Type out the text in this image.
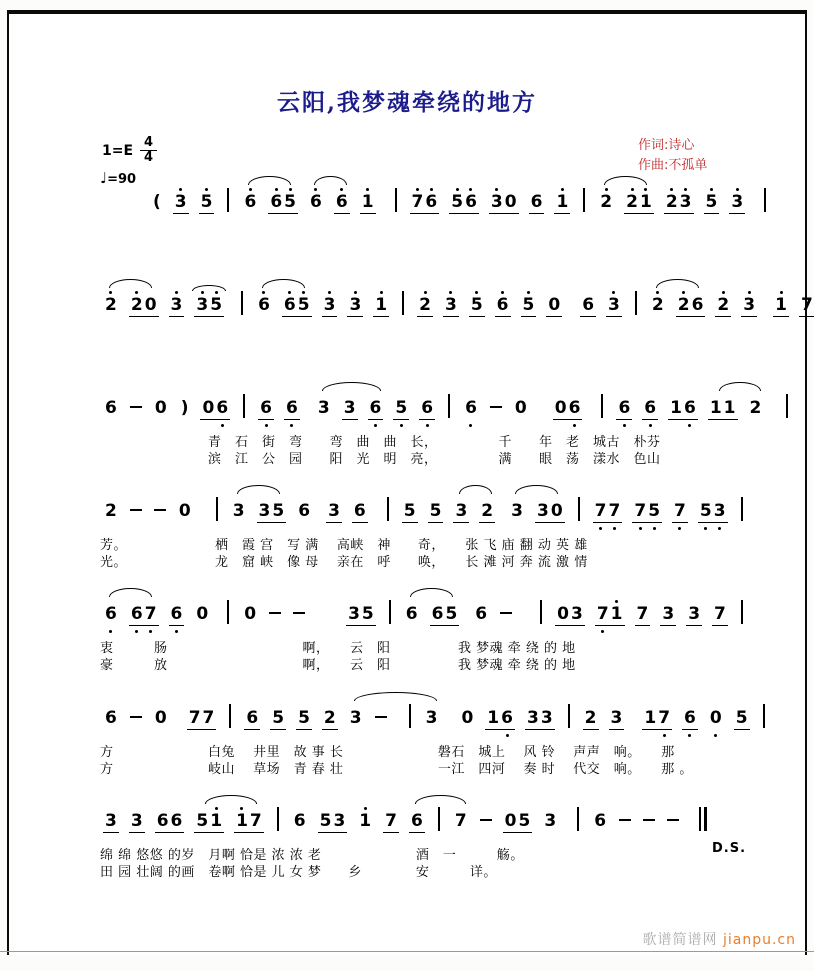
云阳,我梦魂牵绕的地方
$1=E \frac{4}{4}$
♩=90
作词:诗心
作曲:不孤单
( 3 5 6 6 5 6 6 1 7 6 5 6 3 0 6 1 2 2 1 2 3 5 3
2 2 0 3 3 5 6 6 5 3 3 1 2 3 5 6 5 0 6 3 2 2 6 2 3 1 7
6 0 ) 0 6 6 6 3 3 6 5 6 6 0 0 6 6 6 1 6 1 1 2
　　　　　　　　青　石　街　弯　　弯　曲　曲　长，　　　　　千　　年　老　城古　朴芬
　　　　　　　　滨　江　公　园　　阳　光　明　亮，　　　　　满　　眼　荡　漾水　色山
2	0 3 3 5 6 3 6 5 5 3 2 3 3 0 7 7 7 5 7 5 3
芳。　　　　　　　栖　霞 宫　写 满　 高峡　神　　奇，　　张 飞 庙 翻 动 英 雄
光。　　　　　　　龙　窟 峡　像 母　 亲在　呼　　唤，　　长 滩 河 奔 流 激 情
6 6 7 6 0 0	3 5 6 6 5 6	0 3 7 1 7 3 3 7
衷　　　肠　　　　　　　　　　啊，　　云　阳　　　　　我 梦魂 牵 绕 的 地
豪　　　放　　　　　　　　　　啊，　　云　阳　　　　　我 梦魂 牵 绕 的 地
6 0 7 7 6 5 5 2 3	3 0 1 6 3 3 2 3 1 7 6 0 5
方　　　　　　　白兔　 井里　故 事 长　　　　　　　磐石　城上　 风 铃　 声声　响。　　那
方　　　　　　　岐山　 草场　青 春 壮　　　　　　　一江　四河　 奏 时　 代交　响。　　那 。
3 3 6 6 5 1 1 7 6 5 3 1 7 6 7 0 5 3 6
绵 绵 悠悠 的岁　月啊 恰是 浓 浓 老　　　　　　　酒　一　　　觞。
田 园 壮阔 的画　卷啊 恰是 儿 女 梦　　乡　　　　安　　　详。
D.S.
歌谱简谱网 jianpu.cn
